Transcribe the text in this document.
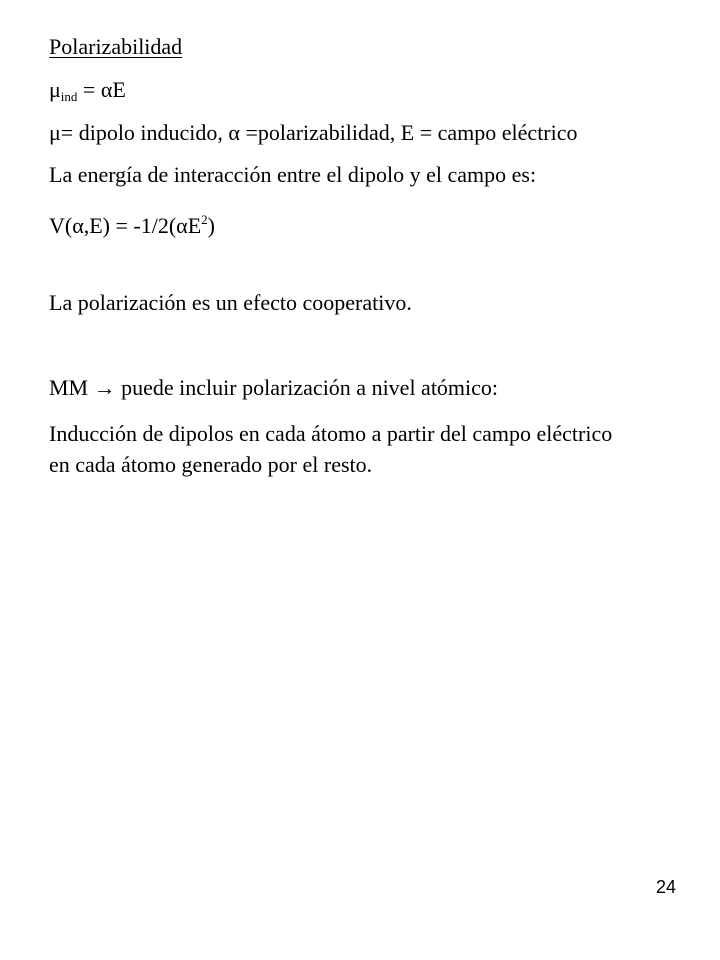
Polarizabilidad
$\mu_{ind} = \alpha E$
μ= dipolo inducido, α =polarizabilidad, E = campo eléctrico
La energía de interacción entre el dipolo y el campo es:
$V(\alpha,E) = -1/2(\alpha E^2)$
La polarización es un efecto cooperativo.
MM → puede incluir polarización a nivel atómico:
Inducción de dipolos en cada átomo a partir del campo eléctrico
en cada átomo generado por el resto.
24
